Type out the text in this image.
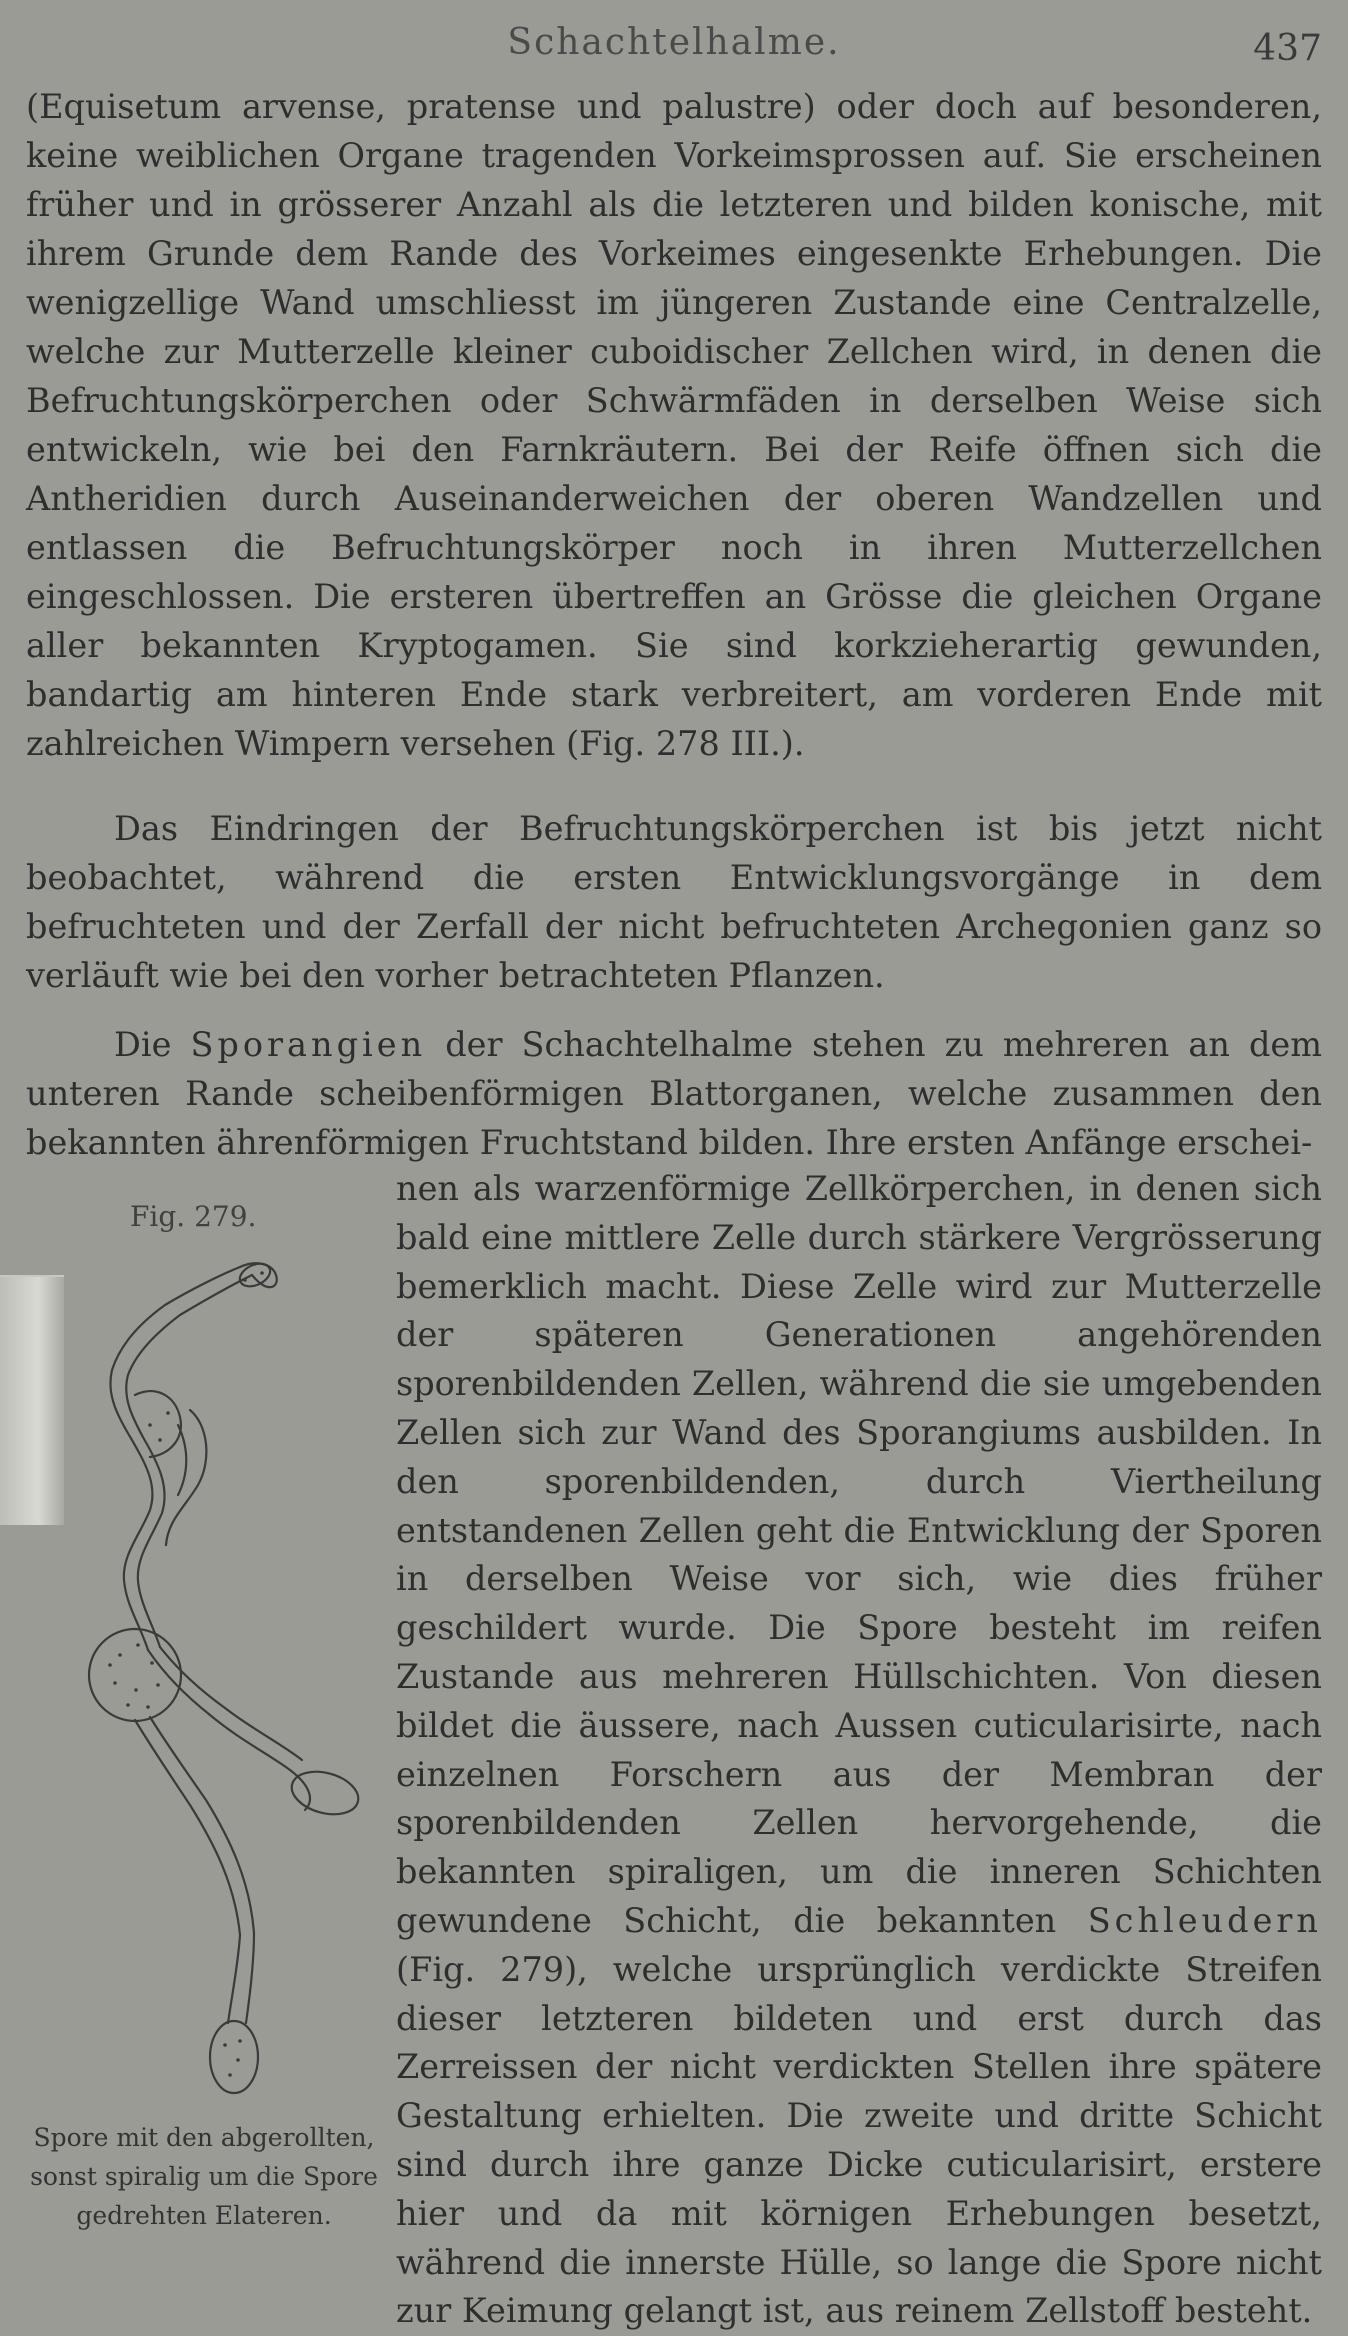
Schachtelhalme.	437

(Equisetum arvense, pratense und palustre) oder doch auf besonderen, keine weiblichen Organe tragenden Vorkeimsprossen auf. Sie erscheinen früher und in grösserer Anzahl als die letzteren und bilden konische, mit ihrem Grunde dem Rande des Vorkeimes eingesenkte Erhebungen. Die wenigzellige Wand umschliesst im jüngeren Zustande eine Centralzelle, welche zur Mutterzelle kleiner cuboidischer Zellchen wird, in denen die Befruchtungskörperchen oder Schwärmfäden in derselben Weise sich entwickeln, wie bei den Farnkräutern. Bei der Reife öffnen sich die Antheridien durch Auseinanderweichen der oberen Wandzellen und entlassen die Befruchtungskörper noch in ihren Mutterzellchen eingeschlossen. Die ersteren übertreffen an Grösse die gleichen Organe aller bekannten Kryptogamen. Sie sind korkzieherartig gewunden, bandartig am hinteren Ende stark verbreitert, am vorderen Ende mit zahlreichen Wimpern versehen (Fig. 278 III.).

Das Eindringen der Befruchtungskörperchen ist bis jetzt nicht beobachtet, während die ersten Entwicklungsvorgänge in dem befruchteten und der Zerfall der nicht befruchteten Archegonien ganz so verläuft wie bei den vorher betrachteten Pflanzen.

Die Sporangien der Schachtelhalme stehen zu mehreren an dem unteren Rande scheibenförmigen Blattorganen, welche zusammen den bekannten ährenförmigen Fruchtstand bilden. Ihre ersten Anfänge erschei-

Fig. 279.

Spore mit den abgerollten, sonst spiralig um die Spore gedrehten Elateren.

nen als warzenförmige Zellkörperchen, in denen sich bald eine mittlere Zelle durch stärkere Vergrösserung bemerklich macht. Diese Zelle wird zur Mutterzelle der späteren Generationen angehörenden sporenbildenden Zellen, während die sie umgebenden Zellen sich zur Wand des Sporangiums ausbilden. In den sporenbildenden, durch Viertheilung entstandenen Zellen geht die Entwicklung der Sporen in derselben Weise vor sich, wie dies früher geschildert wurde. Die Spore besteht im reifen Zustande aus mehreren Hüllschichten. Von diesen bildet die äussere, nach Aussen cuticularisirte, nach einzelnen Forschern aus der Membran der sporenbildenden Zellen hervorgehende, die bekannten spiraligen, um die inneren Schichten gewundene Schicht, die bekannten Schleudern (Fig. 279), welche ursprünglich verdickte Streifen dieser letzteren bildeten und erst durch das Zerreissen der nicht verdickten Stellen ihre spätere Gestaltung erhielten. Die zweite und dritte Schicht sind durch ihre ganze Dicke cuticularisirt, erstere hier und da mit körnigen Erhebungen besetzt, während die innerste Hülle, so lange die Spore nicht zur Keimung gelangt ist, aus reinem Zellstoff besteht.
